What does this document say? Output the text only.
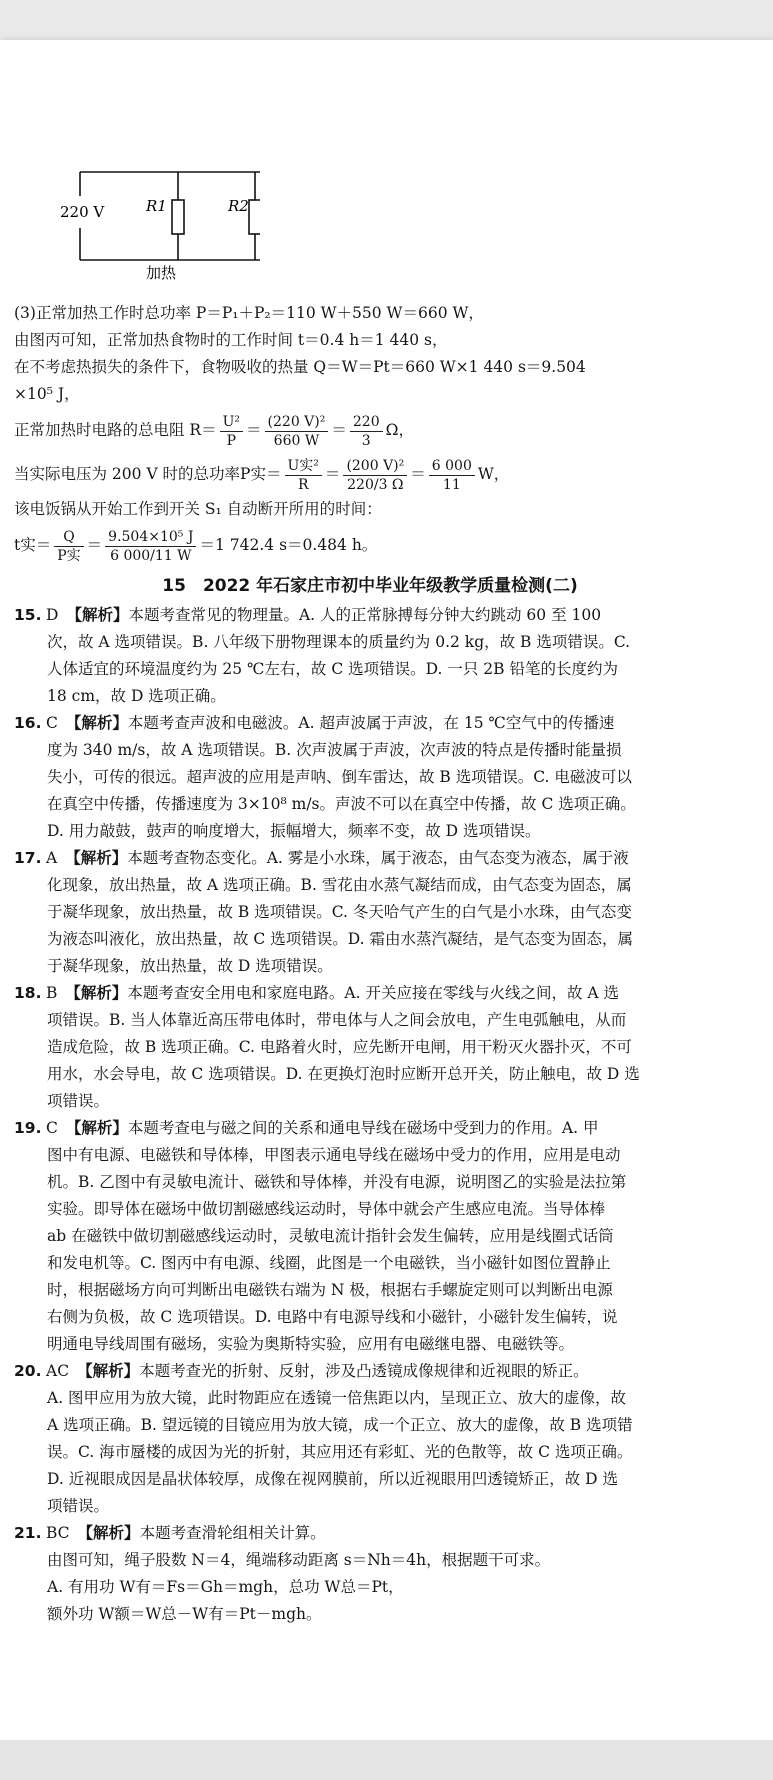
220 V	R1	R2
加热
(3)正常加热工作时总功率 P＝P₁＋P₂＝110 W＋550 W＝660 W，
由图丙可知，正常加热食物时的工作时间 t＝0.4 h＝1 440 s，
在不考虑热损失的条件下，食物吸收的热量 Q＝W＝Pt＝660 W×1 440 s＝9.504
×10⁵ J，
正常加热时电路的总电阻 $R= \frac{\text{U²}}{P} = \frac{\text{(220 V)²}}{660 W} = \frac{220}{3}$ Ω，
当实际电压为 200 V 时的总功率P实＝ $\frac{\text{U实²}}{R} = \frac{\text{(200 V)²}}{220/3 \Omega} = \frac{6 000}{11}$ W，
该电饭锅从开始工作到开关 S₁ 自动断开所用的时间：
t实＝ $\frac{Q}{\text{P实}} = \frac{\text{9.504×10⁵ J}}{6 000/11 W} =1$ 742.4 s＝0.484 h。
15　2022 年石家庄市初中毕业年级教学质量检测(二)
15. D 【解析】本题考查常见的物理量。A. 人的正常脉搏每分钟大约跳动 60 至 100
次，故 A 选项错误。B. 八年级下册物理课本的质量约为 0.2 kg，故 B 选项错误。C.
人体适宜的环境温度约为 25 ℃左右，故 C 选项错误。D. 一只 2B 铅笔的长度约为
18 cm，故 D 选项正确。
16. C 【解析】本题考查声波和电磁波。A. 超声波属于声波，在 15 ℃空气中的传播速
度为 340 m/s，故 A 选项错误。B. 次声波属于声波，次声波的特点是传播时能量损
失小，可传的很远。超声波的应用是声呐、倒车雷达，故 B 选项错误。C. 电磁波可以
在真空中传播，传播速度为 3×10⁸ m/s。声波不可以在真空中传播，故 C 选项正确。
D. 用力敲鼓，鼓声的响度增大，振幅增大，频率不变，故 D 选项错误。
17. A 【解析】本题考查物态变化。A. 雾是小水珠，属于液态，由气态变为液态，属于液
化现象，放出热量，故 A 选项正确。B. 雪花由水蒸气凝结而成，由气态变为固态，属
于凝华现象，放出热量，故 B 选项错误。C. 冬天哈气产生的白气是小水珠，由气态变
为液态叫液化，放出热量，故 C 选项错误。D. 霜由水蒸汽凝结，是气态变为固态，属
于凝华现象，放出热量，故 D 选项错误。
18. B 【解析】本题考查安全用电和家庭电路。A. 开关应接在零线与火线之间，故 A 选
项错误。B. 当人体靠近高压带电体时，带电体与人之间会放电，产生电弧触电，从而
造成危险，故 B 选项正确。C. 电路着火时，应先断开电闸，用干粉灭火器扑灭，不可
用水，水会导电，故 C 选项错误。D. 在更换灯泡时应断开总开关，防止触电，故 D 选
项错误。
19. C 【解析】本题考查电与磁之间的关系和通电导线在磁场中受到力的作用。A. 甲
图中有电源、电磁铁和导体棒，甲图表示通电导线在磁场中受力的作用，应用是电动
机。B. 乙图中有灵敏电流计、磁铁和导体棒，并没有电源，说明图乙的实验是法拉第
实验。即导体在磁场中做切割磁感线运动时，导体中就会产生感应电流。当导体棒
ab 在磁铁中做切割磁感线运动时，灵敏电流计指针会发生偏转，应用是线圈式话筒
和发电机等。C. 图丙中有电源、线圈，此图是一个电磁铁，当小磁针如图位置静止
时，根据磁场方向可判断出电磁铁右端为 N 极，根据右手螺旋定则可以判断出电源
右侧为负极，故 C 选项错误。D. 电路中有电源导线和小磁针，小磁针发生偏转，说
明通电导线周围有磁场，实验为奥斯特实验，应用有电磁继电器、电磁铁等。
20. AC 【解析】本题考查光的折射、反射，涉及凸透镜成像规律和近视眼的矫正。
A. 图甲应用为放大镜，此时物距应在透镜一倍焦距以内，呈现正立、放大的虚像，故
A 选项正确。B. 望远镜的目镜应用为放大镜，成一个正立、放大的虚像，故 B 选项错
误。C. 海市蜃楼的成因为光的折射，其应用还有彩虹、光的色散等，故 C 选项正确。
D. 近视眼成因是晶状体较厚，成像在视网膜前，所以近视眼用凹透镜矫正，故 D 选
项错误。
21. BC 【解析】本题考查滑轮组相关计算。
由图可知，绳子股数 N＝4，绳端移动距离 s＝Nh＝4h，根据题干可求。
A. 有用功 W有＝Fs＝Gh＝mgh，总功 W总＝Pt，
额外功 W额＝W总－W有＝Pt－mgh。
